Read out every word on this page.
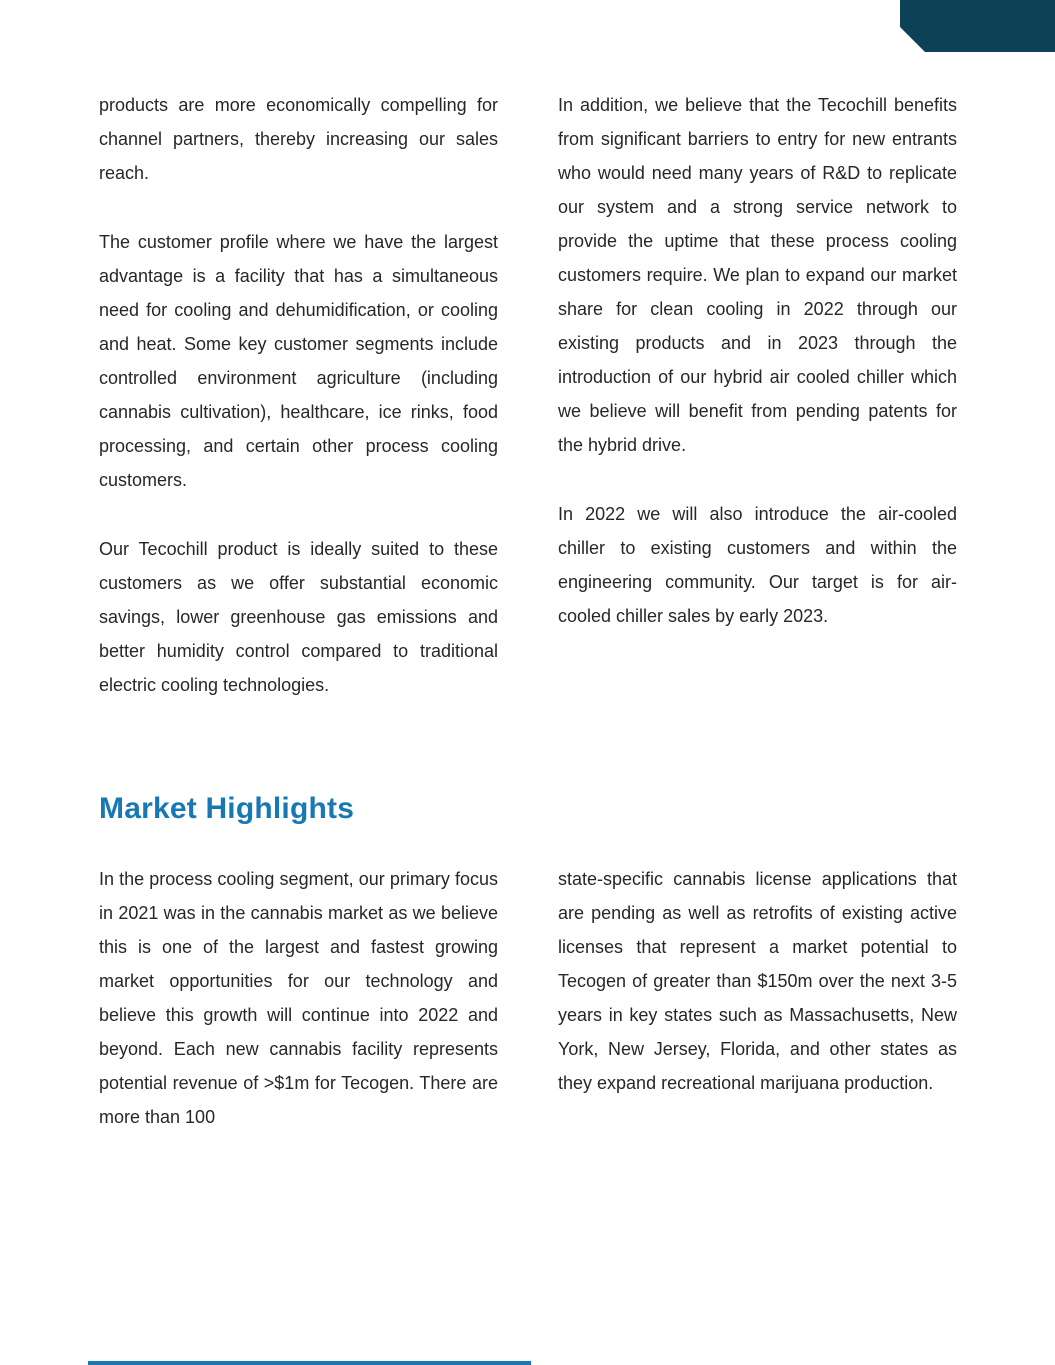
products are more economically compelling for channel partners, thereby increasing our sales reach.

The customer profile where we have the largest advantage is a facility that has a simultaneous need for cooling and dehumidification, or cooling and heat. Some key customer segments include controlled environment agriculture (including cannabis cultivation), healthcare, ice rinks, food processing, and certain other process cooling customers.

Our Tecochill product is ideally suited to these customers as we offer substantial economic savings, lower greenhouse gas emissions and better humidity control compared to traditional electric cooling technologies.

In addition, we believe that the Tecochill benefits from significant barriers to entry for new entrants who would need many years of R&D to replicate our system and a strong service network to provide the uptime that these process cooling customers require. We plan to expand our market share for clean cooling in 2022 through our existing products and in 2023 through the introduction of our hybrid air cooled chiller which we believe will benefit from pending patents for the hybrid drive.

In 2022 we will also introduce the air-cooled chiller to existing customers and within the engineering community. Our target is for air-cooled chiller sales by early 2023.

Market Highlights

In the process cooling segment, our primary focus in 2021 was in the cannabis market as we believe this is one of the largest and fastest growing market opportunities for our technology and believe this growth will continue into 2022 and beyond. Each new cannabis facility represents potential revenue of >$1m for Tecogen. There are more than 100

state-specific cannabis license applications that are pending as well as retrofits of existing active licenses that represent a market potential to Tecogen of greater than $150m over the next 3-5 years in key states such as Massachusetts, New York, New Jersey, Florida, and other states as they expand recreational marijuana production.
